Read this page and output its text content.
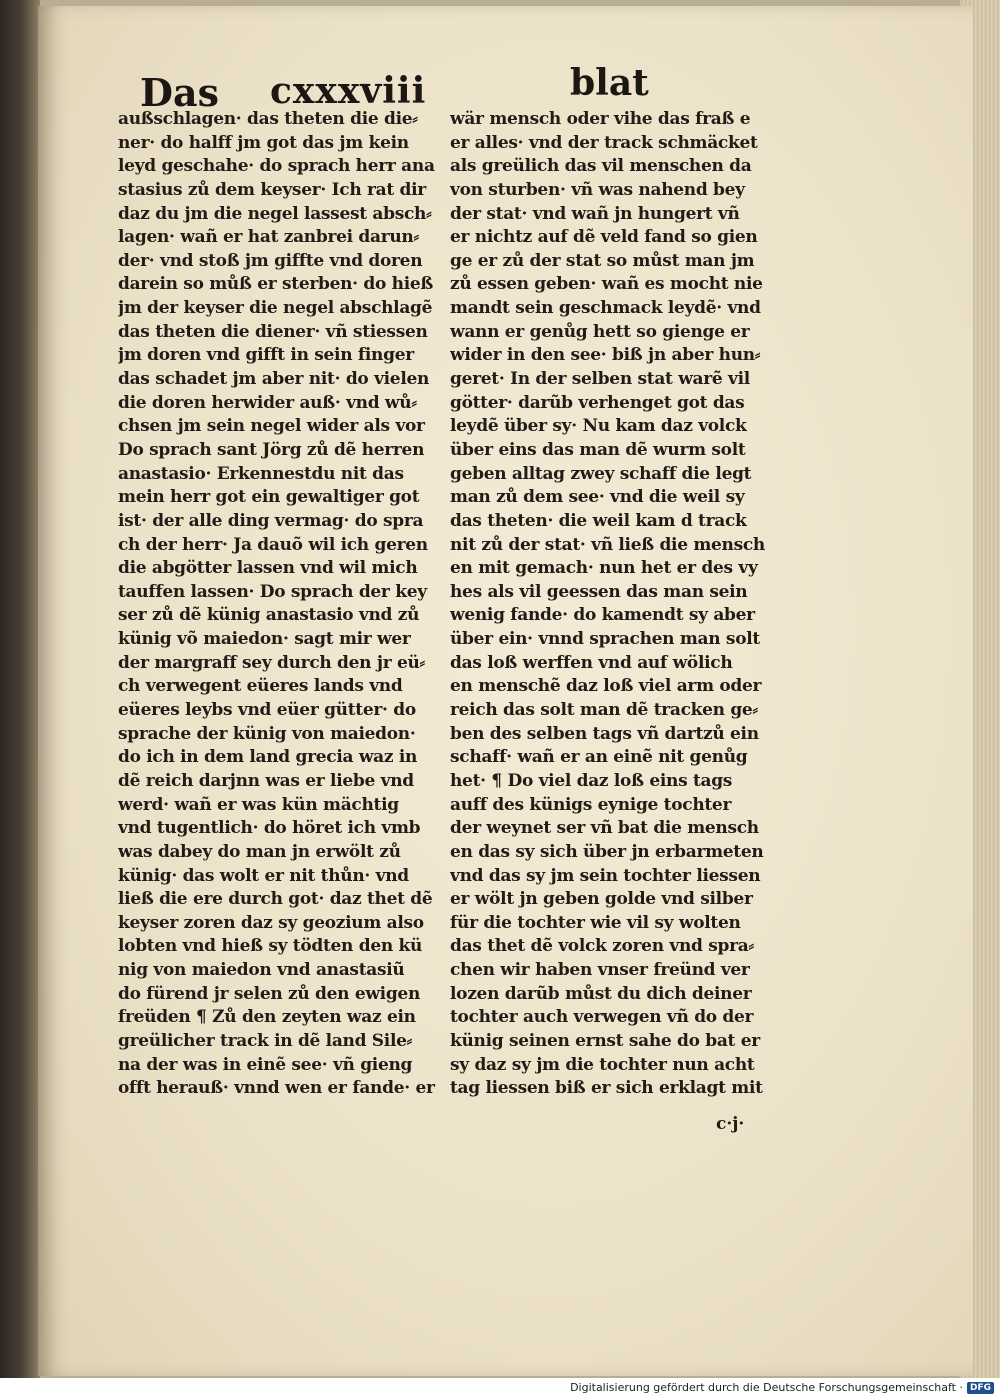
Das cxxxviii	blat
außschlagen· das theten die die⸗
ner· do halff jm got das jm kein
leyd geschahe· do sprach herr ana
stasius zů dem keyser· Ich rat dir
daz du jm die negel lassest absch⸗
lagen· wañ er hat zanbrei darun⸗
der· vnd stoß jm giffte vnd doren
darein so můß er sterben· do hieß
jm der keyser die negel abschlagẽ
das theten die diener· vñ stiessen
jm doren vnd gifft in sein finger
das schadet jm aber nit· do vielen
die doren herwider auß· vnd wů⸗
chsen jm sein negel wider als vor
Do sprach sant Jörg zů dẽ herren
anastasio· Erkennestdu nit das
mein herr got ein gewaltiger got
ist· der alle ding vermag· do spra
ch der herr· Ja dauõ wil ich geren
die abgötter lassen vnd wil mich
tauffen lassen· Do sprach der key
ser zů dẽ künig anastasio vnd zů
künig võ maiedon· sagt mir wer
der margraff sey durch den jr eü⸗
ch verwegent eüeres lands vnd
eüeres leybs vnd eüer gütter· do
sprache der künig von maiedon·
do ich in dem land grecia waz in
dẽ reich darjnn was er liebe vnd
werd· wañ er was kün mächtig
vnd tugentlich· do höret ich vmb
was dabey do man jn erwölt zů
künig· das wolt er nit thůn· vnd
ließ die ere durch got· daz thet dẽ
keyser zoren daz sy geozium also
lobten vnd hieß sy tödten den kü
nig von maiedon vnd anastasiũ
do fürend jr selen zů den ewigen
freüden ¶ Zů den zeyten waz ein
greülicher track in dẽ land Sile⸗
na der was in einẽ see· vñ gieng
offt herauß· vnnd wen er fande· er
wär mensch oder vihe das fraß e
er alles· vnd der track schmäcket
als greülich das vil menschen da
von sturben· vñ was nahend bey
der stat· vnd wañ jn hungert vñ
er nichtz auf dẽ veld fand so gien
ge er zů der stat so můst man jm
zů essen geben· wañ es mocht nie
mandt sein geschmack leydẽ· vnd
wann er genůg hett so gienge er
wider in den see· biß jn aber hun⸗
geret· In der selben stat warẽ vil
götter· darũb verhenget got das
leydẽ über sy· Nu kam daz volck
über eins das man dẽ wurm solt
geben alltag zwey schaff die legt
man zů dem see· vnd die weil sy
das theten· die weil kam d track
nit zů der stat· vñ ließ die mensch
en mit gemach· nun het er des vy
hes als vil geessen das man sein
wenig fande· do kamendt sy aber
über ein· vnnd sprachen man solt
das loß werffen vnd auf wölich
en menschẽ daz loß viel arm oder
reich das solt man dẽ tracken ge⸗
ben des selben tags vñ dartzů ein
schaff· wañ er an einẽ nit genůg
het· ¶ Do viel daz loß eins tags
auff des künigs eynige tochter
der weynet ser vñ bat die mensch
en das sy sich über jn erbarmeten
vnd das sy jm sein tochter liessen
er wölt jn geben golde vnd silber
für die tochter wie vil sy wolten
das thet dẽ volck zoren vnd spra⸗
chen wir haben vnser freünd ver
lozen darũb můst du dich deiner
tochter auch verwegen vñ do der
künig seinen ernst sahe do bat er
sy daz sy jm die tochter nun acht
tag liessen biß er sich erklagt mit
c·j·
Digitalisierung gefördert durch die Deutsche Forschungsgemeinschaft · DFG
